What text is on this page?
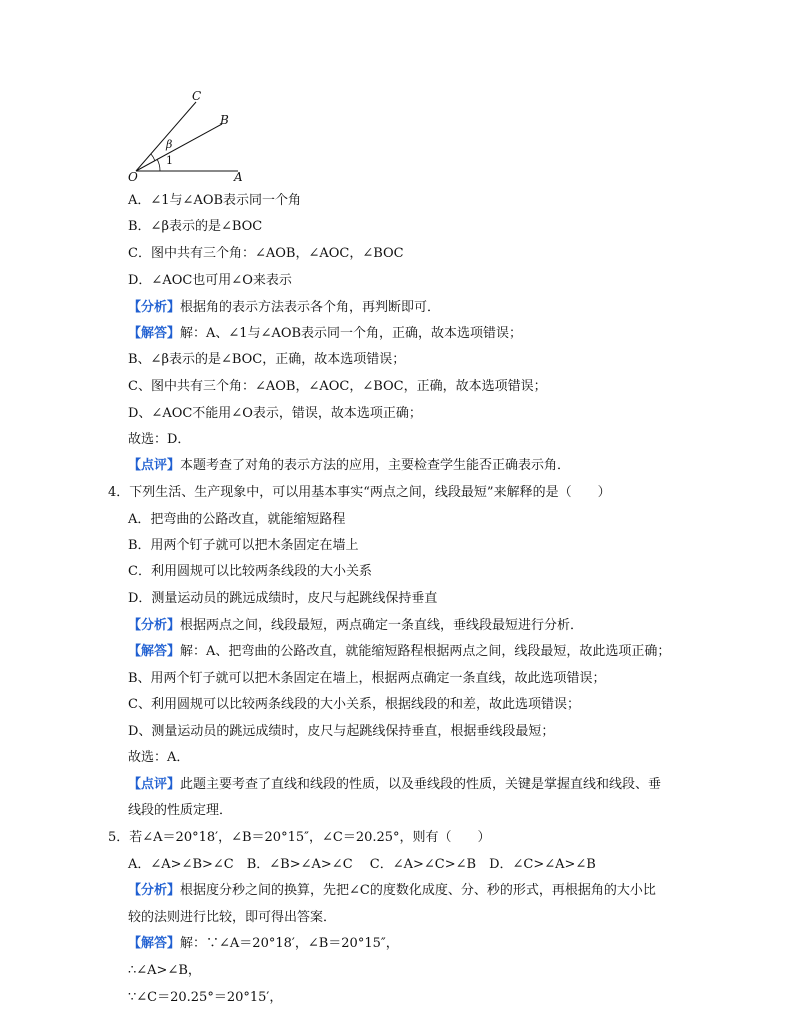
C
B
β
1
O	A
A．∠1与∠AOB表示同一个角
B．∠β表示的是∠BOC
C．图中共有三个角：∠AOB，∠AOC，∠BOC
D．∠AOC也可用∠O来表示
【分析】根据角的表示方法表示各个角，再判断即可．
【解答】解：A、∠1与∠AOB表示同一个角，正确，故本选项错误；
B、∠β表示的是∠BOC，正确，故本选项错误；
C、图中共有三个角：∠AOB，∠AOC，∠BOC，正确，故本选项错误；
D、∠AOC不能用∠O表示，错误，故本选项正确；
故选：D．
【点评】本题考查了对角的表示方法的应用，主要检查学生能否正确表示角．
4．下列生活、生产现象中，可以用基本事实“两点之间，线段最短”来解释的是（　　）
A．把弯曲的公路改直，就能缩短路程
B．用两个钉子就可以把木条固定在墙上
C．利用圆规可以比较两条线段的大小关系
D．测量运动员的跳远成绩时，皮尺与起跳线保持垂直
【分析】根据两点之间，线段最短，两点确定一条直线，垂线段最短进行分析．
【解答】解：A、把弯曲的公路改直，就能缩短路程根据两点之间，线段最短，故此选项正确；
B、用两个钉子就可以把木条固定在墙上，根据两点确定一条直线，故此选项错误；
C、利用圆规可以比较两条线段的大小关系，根据线段的和差，故此选项错误；
D、测量运动员的跳远成绩时，皮尺与起跳线保持垂直，根据垂线段最短；
故选：A．
【点评】此题主要考查了直线和线段的性质，以及垂线段的性质，关键是掌握直线和线段、垂
线段的性质定理．
5．若∠A＝20°18′，∠B＝20°15″，∠C＝20.25°，则有（　　）
A．∠A>∠B>∠C　B．∠B>∠A>∠C　 C．∠A>∠C>∠B　D．∠C>∠A>∠B
【分析】根据度分秒之间的换算，先把∠C的度数化成度、分、秒的形式，再根据角的大小比
较的法则进行比较，即可得出答案．
【解答】解：∵∠A＝20°18′，∠B＝20°15″，
∴∠A>∠B，
∵∠C＝20.25°＝20°15′，
